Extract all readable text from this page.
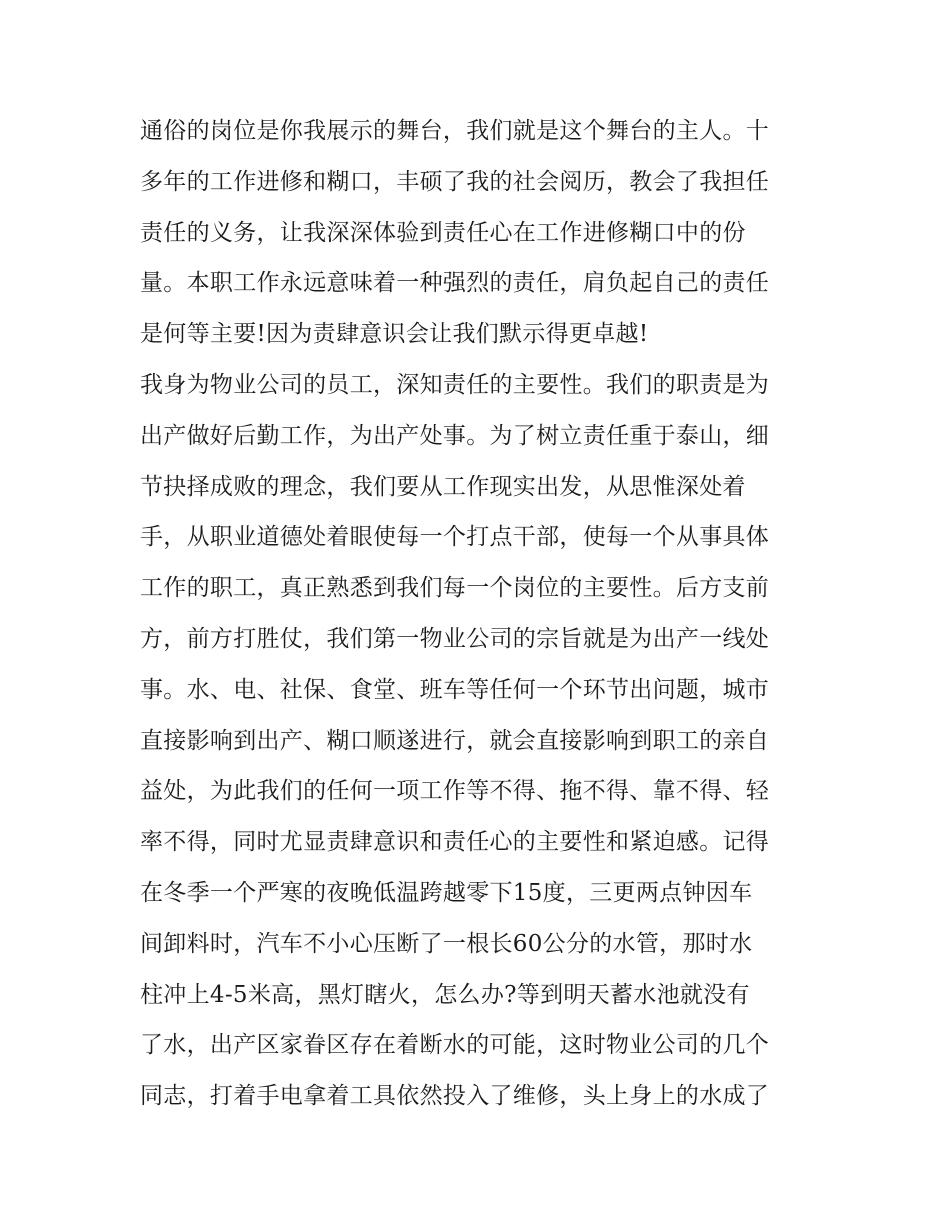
通俗的岗位是你我展示的舞台，我们就是这个舞台的主人。十
多年的工作进修和糊口，丰硕了我的社会阅历，教会了我担任
责任的义务，让我深深体验到责任心在工作进修糊口中的份
量。本职工作永远意味着一种强烈的责任，肩负起自己的责任
是何等主要!因为责肆意识会让我们默示得更卓越!
我身为物业公司的员工，深知责任的主要性。我们的职责是为
出产做好后勤工作，为出产处事。为了树立责任重于泰山，细
节抉择成败的理念，我们要从工作现实出发，从思惟深处着
手，从职业道德处着眼使每一个打点干部，使每一个从事具体
工作的职工，真正熟悉到我们每一个岗位的主要性。后方支前
方，前方打胜仗，我们第一物业公司的宗旨就是为出产一线处
事。水、电、社保、食堂、班车等任何一个环节出问题，城市
直接影响到出产、糊口顺遂进行，就会直接影响到职工的亲自
益处，为此我们的任何一项工作等不得、拖不得、靠不得、轻
率不得，同时尤显责肆意识和责任心的主要性和紧迫感。记得
在冬季一个严寒的夜晚低温跨越零下15度，三更两点钟因车
间卸料时，汽车不小心压断了一根长60公分的水管，那时水
柱冲上4-5米高，黑灯瞎火，怎么办?等到明天蓄水池就没有
了水，出产区家眷区存在着断水的可能，这时物业公司的几个
同志，打着手电拿着工具依然投入了维修，头上身上的水成了
